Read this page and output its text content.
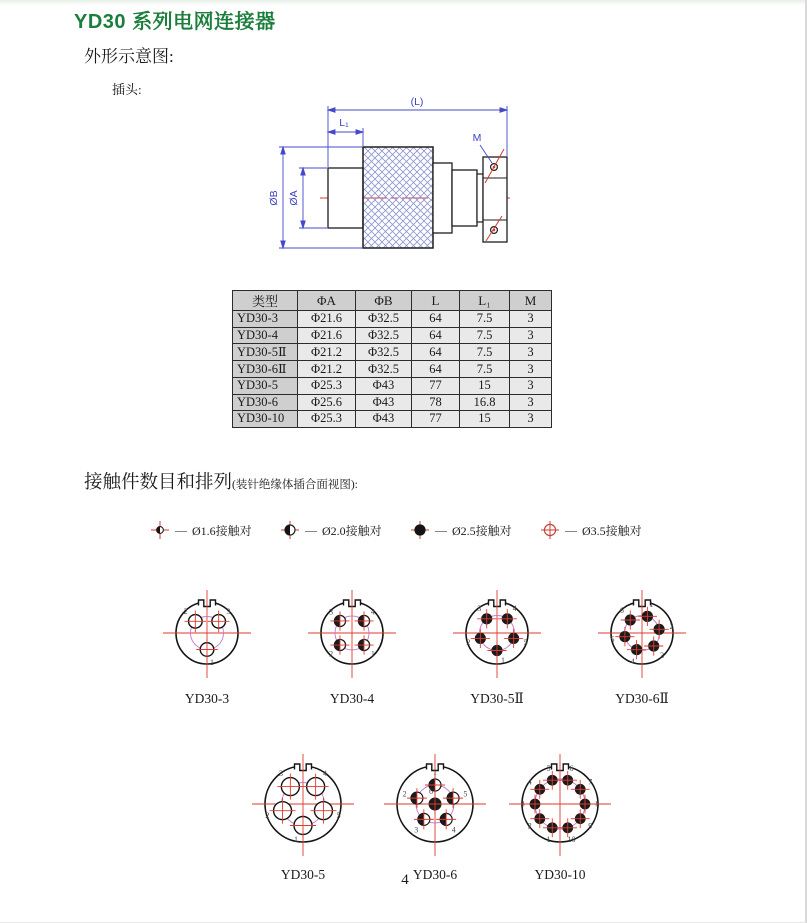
YD30 系列电网连接器
外形示意图:
插头:
(L)
L₁
M
ØB ØA
类型	ΦA	ΦB	L	L₁	M
YD30-3	Φ21.6	Φ32.5	64	7.5	3
YD30-4	Φ21.6	Φ32.5	64	7.5	3
YD30-5Ⅱ	Φ21.2	Φ32.5	64	7.5	3
YD30-6Ⅱ	Φ21.2	Φ32.5	64	7.5	3
YD30-5	Φ25.3	Φ43	77	15	3
YD30-6	Φ25.6	Φ43	78	16.8	3
YD30-10	Φ25.3	Φ43	77	15	3
接触件数目和排列(装针绝缘体插合面视图):
— Ø1.6接触对	— Ø2.0接触对	— Ø2.5接触对	— Ø3.5接触对
2	3
1
YD30-3
3	4
2	1
YD30-4
3	4
2	5
1
YD30-5Ⅱ
1
2
3
4
5
6
YD30-6Ⅱ
3	4
2	5
1
YD30-5
1
2	5
3	4
6
YD30-6
5 6
4	7
3	8
2	9
1 10
YD30-10
4
